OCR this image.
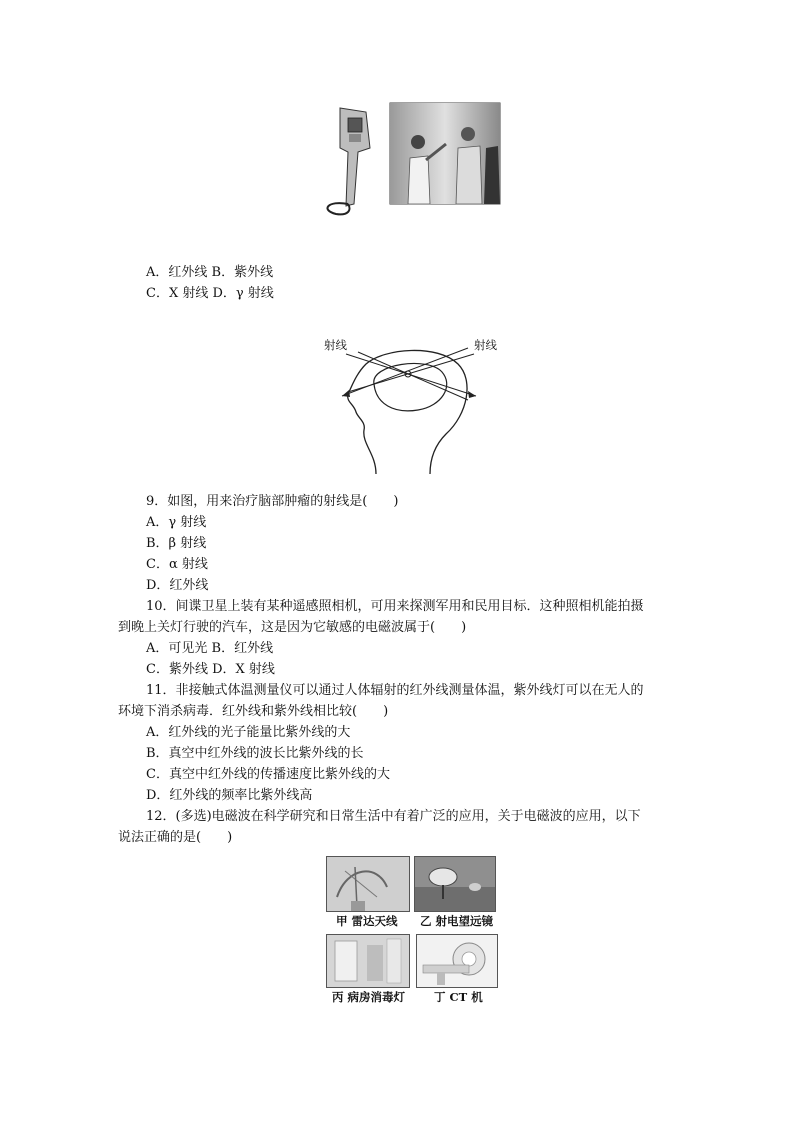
A．红外线 B．紫外线
C．X 射线 D．γ 射线
射线	射线
9．如图，用来治疗脑部肿瘤的射线是(　　)
A．γ 射线
B．β 射线
C．α 射线
D．红外线
10．间谍卫星上装有某种遥感照相机，可用来探测军用和民用目标．这种照相机能拍摄
到晚上关灯行驶的汽车，这是因为它敏感的电磁波属于(　　)
A．可见光 B．红外线
C．紫外线 D．X 射线
11．非接触式体温测量仪可以通过人体辐射的红外线测量体温，紫外线灯可以在无人的
环境下消杀病毒．红外线和紫外线相比较(　　)
A．红外线的光子能量比紫外线的大
B．真空中红外线的波长比紫外线的长
C．真空中红外线的传播速度比紫外线的大
D．红外线的频率比紫外线高
12．(多选)电磁波在科学研究和日常生活中有着广泛的应用，关于电磁波的应用，以下
说法正确的是(　　)
甲 雷达天线 乙 射电望远镜
丙 病房消毒灯	丁 CT 机
